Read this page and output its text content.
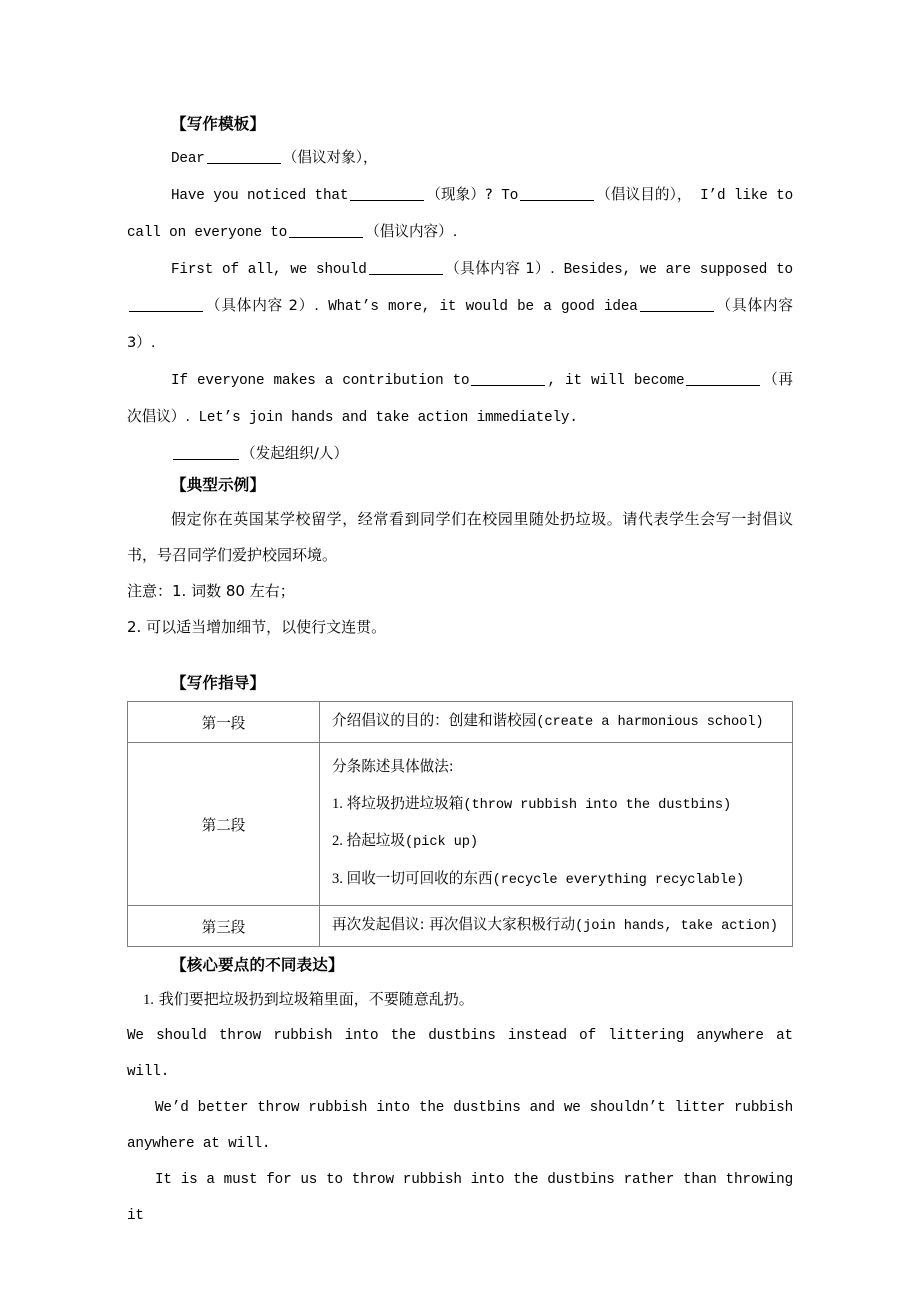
【写作模板】

Dear	（倡议对象），

Have you noticed that	（现象）? To	（倡议目的）， I’d like to call on everyone to	（倡议内容）.

First of all, we should	（具体内容 1）. Besides, we are supposed to（具体内容 2）. What’s more, it would be a good idea	（具体内容 3）.

If everyone makes a contribution to	, it will become	（再次倡议）. Let’s join hands and take action immediately.

（发起组织/人）

【典型示例】

假定你在英国某学校留学，经常看到同学们在校园里随处扔垃圾。请代表学生会写一封倡议书，号召同学们爱护校园环境。

注意：1. 词数 80 左右；

2. 可以适当增加细节，以使行文连贯。

【写作指导】
第一段	介绍倡议的目的：创建和谐校园(create a harmonious school)

第二段	分条陈述具体做法:
1. 将垃圾扔进垃圾箱(throw rubbish into the dustbins)
2. 拾起垃圾(pick up)
3. 回收一切可回收的东西(recycle everything recyclable)

第三段	再次发起倡议: 再次倡议大家积极行动(join hands, take action)
【核心要点的不同表达】

1. 我们要把垃圾扔到垃圾箱里面，不要随意乱扔。

We should throw rubbish into the dustbins instead of littering anywhere at will.

We’d better throw rubbish into the dustbins and we shouldn’t litter rubbish anywhere at will.

It is a must for us to throw rubbish into the dustbins rather than throwing it
